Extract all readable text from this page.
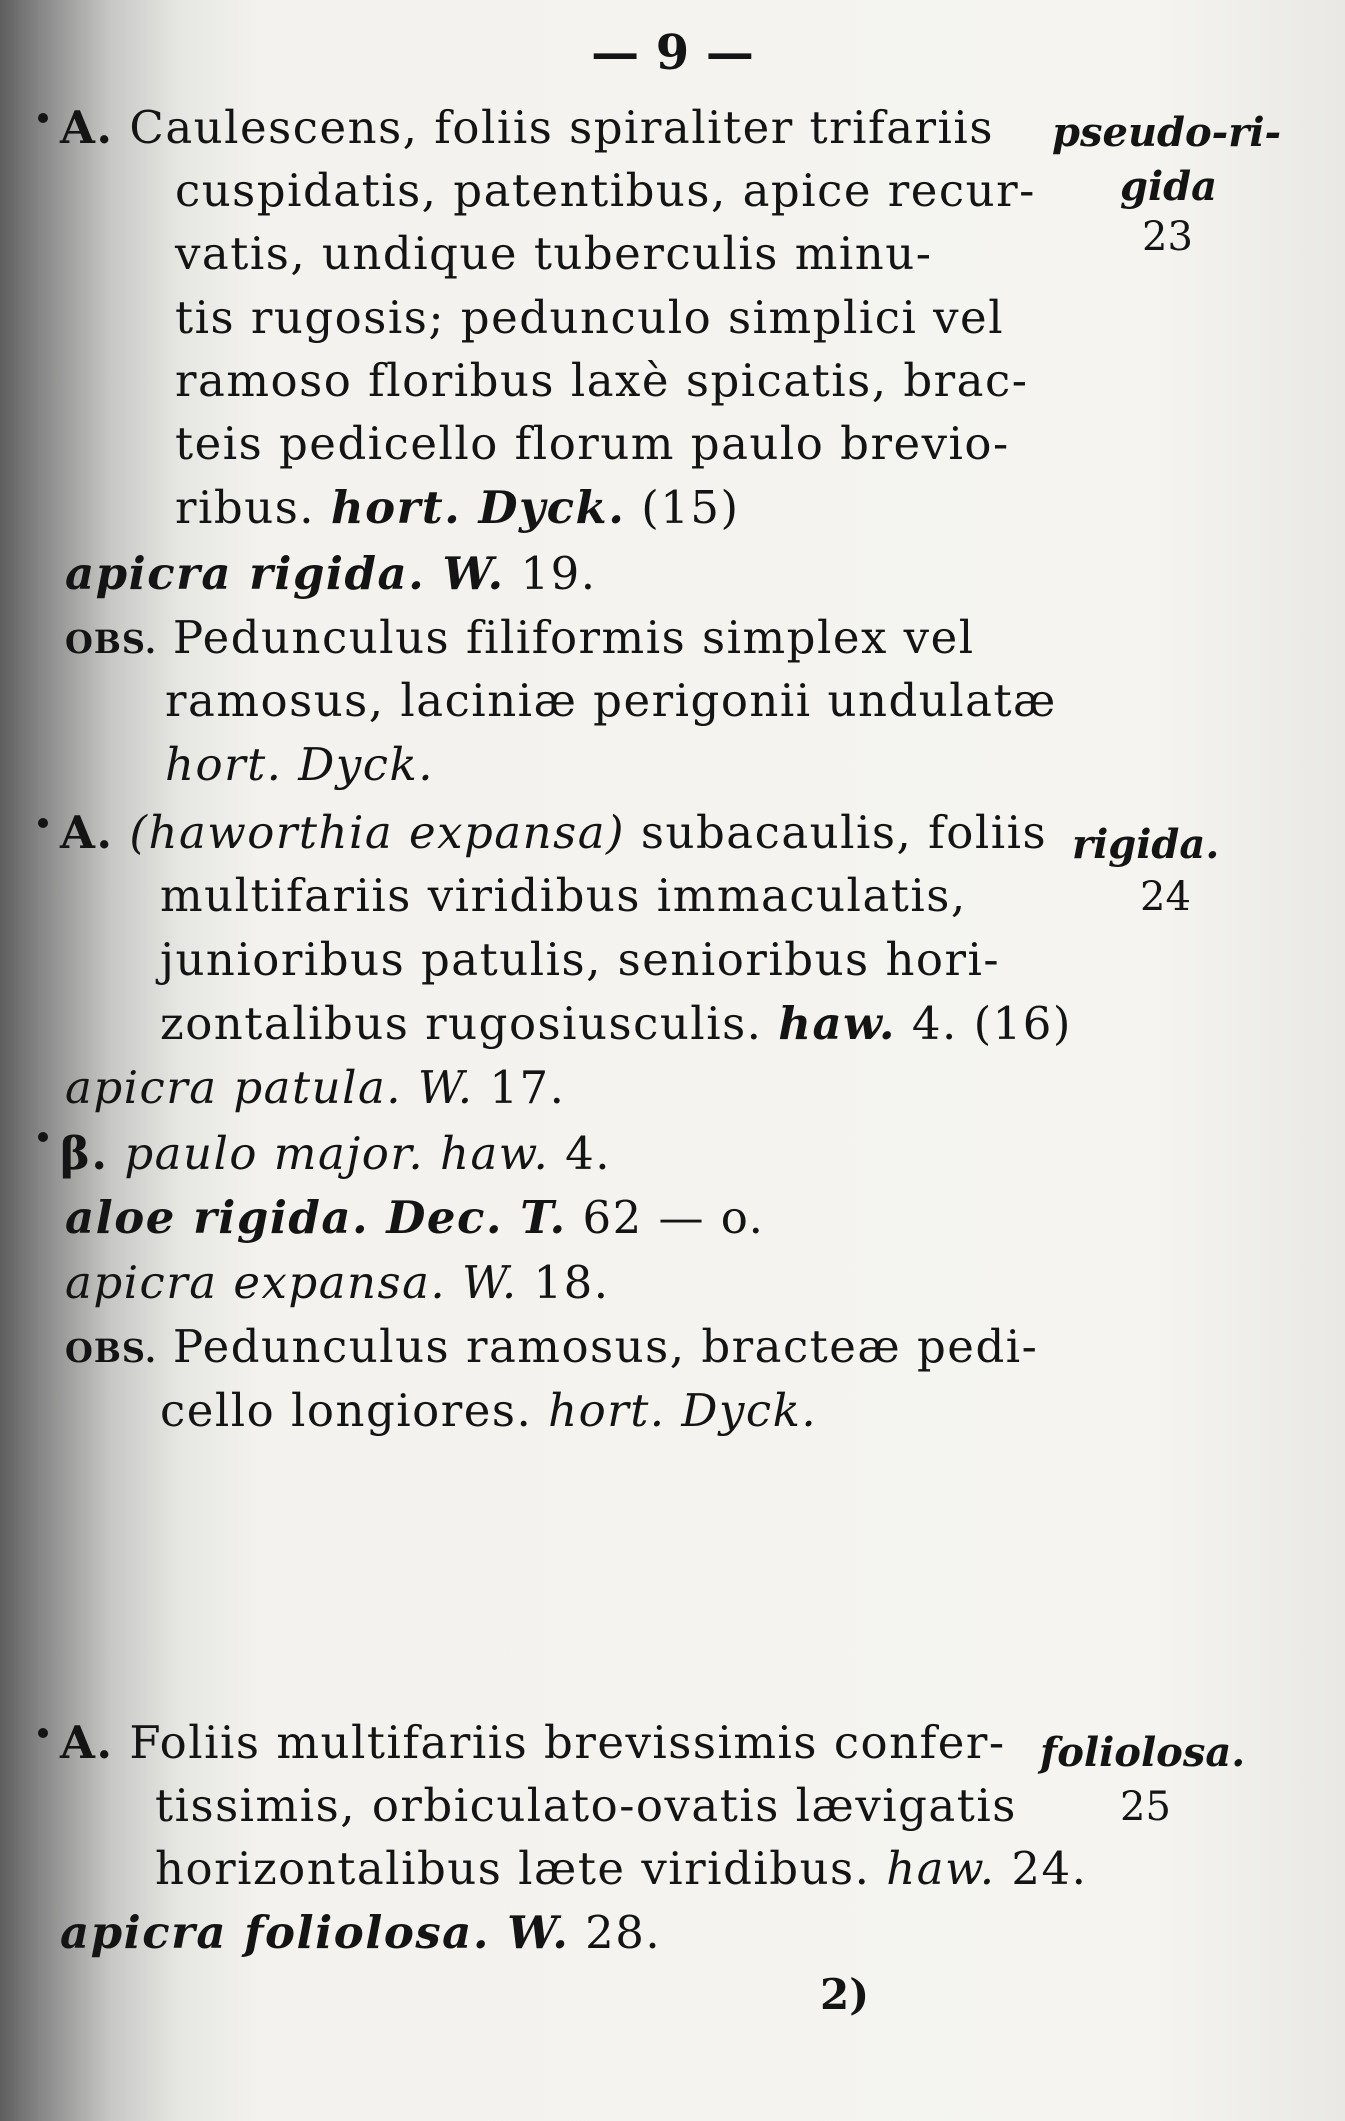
— 9 —
A. Caulescens, foliis spiraliter trifariis
cuspidatis, patentibus, apice recur-
vatis, undique tuberculis minu-
tis rugosis; pedunculo simplici vel
ramoso floribus laxè spicatis, brac-
teis pedicello florum paulo brevio-
ribus. hort. Dyck. (15)
pseudo-ri-
gida
23
apicra rigida. W. 19.
OBS. Pedunculus filiformis simplex vel
ramosus, laciniæ perigonii undulatæ
hort. Dyck.
A. (haworthia expansa) subacaulis, foliis
multifariis viridibus immaculatis,
junioribus patulis, senioribus hori-
zontalibus rugosiusculis. haw. 4. (16)
rigida.
24
apicra patula. W. 17.
β. paulo major. haw. 4.
aloe rigida. Dec. T. 62 — o.
apicra expansa. W. 18.
OBS. Pedunculus ramosus, bracteæ pedi-
cello longiores. hort. Dyck.
A. Foliis multifariis brevissimis confer-
tissimis, orbiculato-ovatis lævigatis
horizontalibus læte viridibus. haw. 24.
foliolosa.
25
apicra foliolosa. W. 28.
2)
